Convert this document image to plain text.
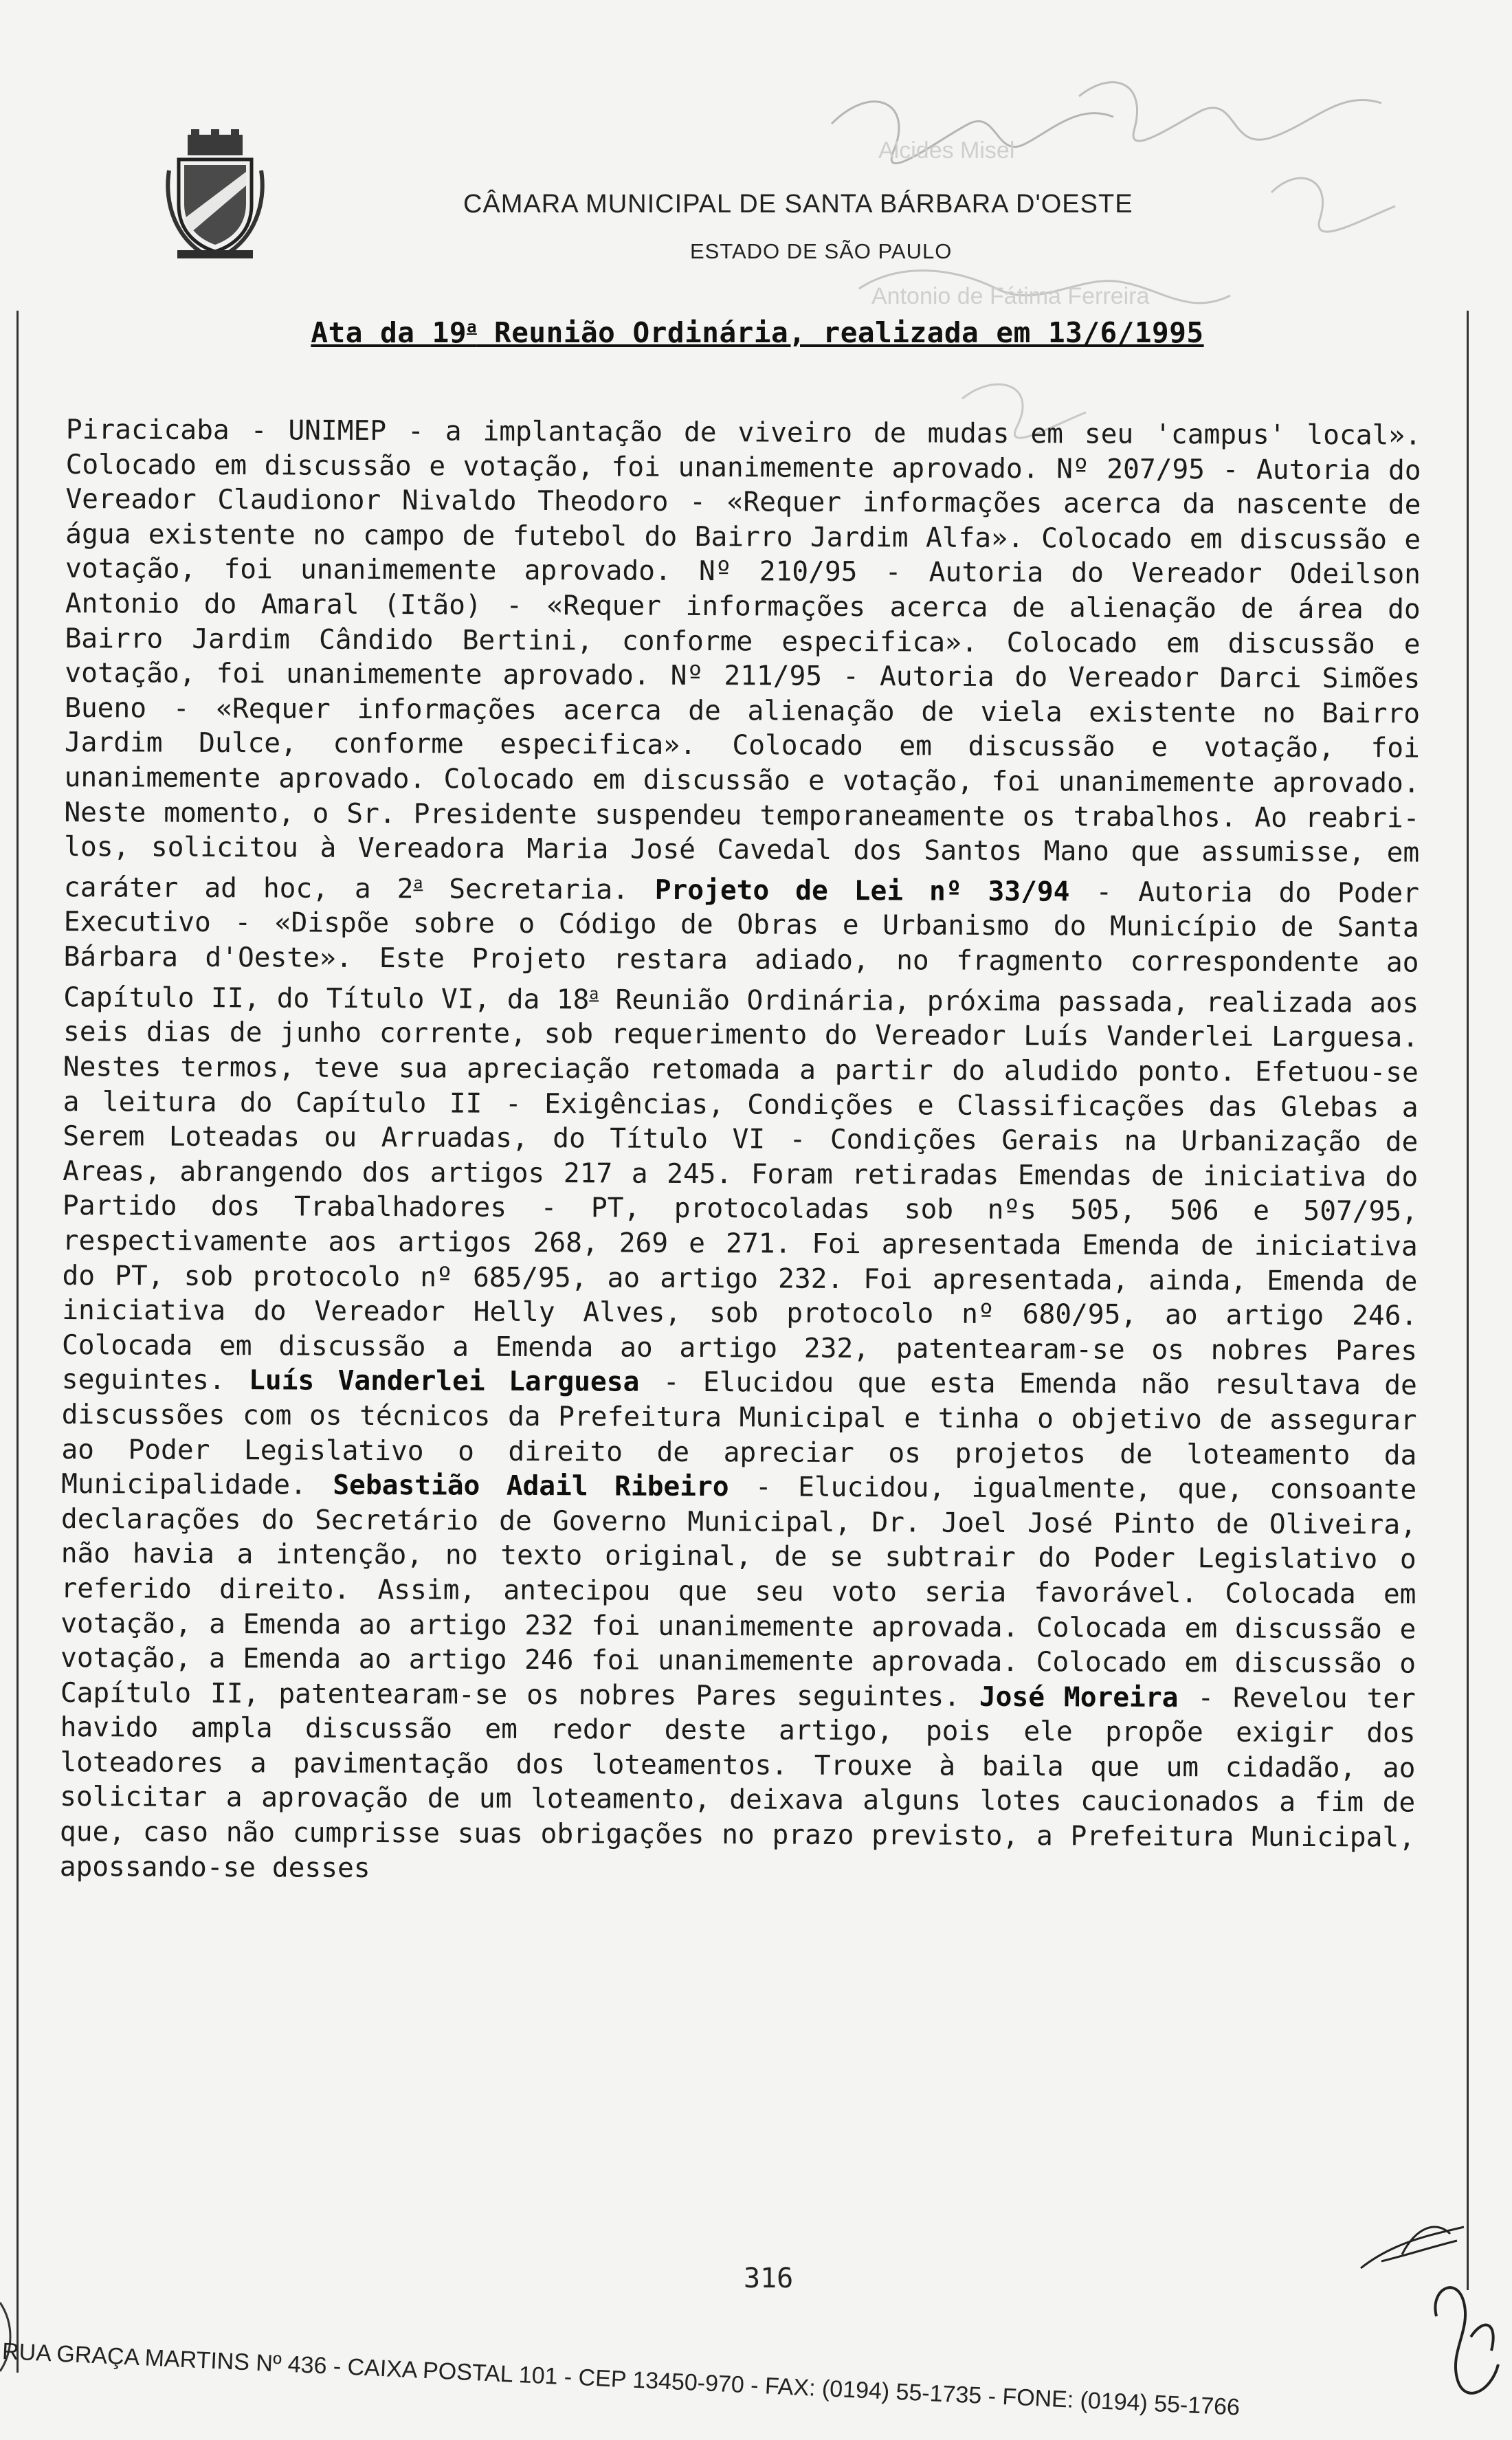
Alcides Misel
Antonio de Fátima Ferreira
CÂMARA MUNICIPAL DE SANTA BÁRBARA D'OESTE
ESTADO DE SÃO PAULO
Ata da 19$^a$ Reunião Ordinária, realizada em 13/6/1995

Piracicaba - UNIMEP - a implantação de viveiro de mudas em seu 'campus' local». Colocado em discussão e votação, foi unanimemente aprovado. Nº 207/95 - Autoria do Vereador Claudionor Nivaldo Theodoro - «Requer informações acerca da nascente de água existente no campo de futebol do Bairro Jardim Alfa». Colocado em discussão e votação, foi unanimemente aprovado. Nº 210/95 - Autoria do Vereador Odeilson Antonio do Amaral (Itão) - «Requer informações acerca de alienação de área do Bairro Jardim Cândido Bertini, conforme especifica». Colocado em discussão e votação, foi unanimemente aprovado. Nº 211/95 - Autoria do Vereador Darci Simões Bueno - «Requer informações acerca de alienação de viela existente no Bairro Jardim Dulce, conforme especifica». Colocado em discussão e votação, foi unanimemente aprovado. Colocado em discussão e votação, foi unanimemente aprovado. Neste momento, o Sr. Presidente suspendeu temporaneamente os trabalhos. Ao reabri-los, solicitou à Vereadora Maria José Cavedal dos Santos Mano que assumisse, em caráter ad hoc, a 2$^a$ Secretaria. Projeto de Lei nº 33/94 - Autoria do Poder Executivo - «Dispõe sobre o Código de Obras e Urbanismo do Município de Santa Bárbara d'Oeste». Este Projeto restara adiado, no fragmento correspondente ao Capítulo II, do Título VI, da 18$^a$ Reunião Ordinária, próxima passada, realizada aos seis dias de junho corrente, sob requerimento do Vereador Luís Vanderlei Larguesa. Nestes termos, teve sua apreciação retomada a partir do aludido ponto. Efetuou-se a leitura do Capítulo II - Exigências, Condições e Classificações das Glebas a Serem Loteadas ou Arruadas, do Título VI - Condições Gerais na Urbanização de Areas, abrangendo dos artigos 217 a 245. Foram retiradas Emendas de iniciativa do Partido dos Trabalhadores - PT, protocoladas sob nºs 505, 506 e 507/95, respectivamente aos artigos 268, 269 e 271. Foi apresentada Emenda de iniciativa do PT, sob protocolo nº 685/95, ao artigo 232. Foi apresentada, ainda, Emenda de iniciativa do Vereador Helly Alves, sob protocolo nº 680/95, ao artigo 246. Colocada em discussão a Emenda ao artigo 232, patentearam-se os nobres Pares seguintes. Luís Vanderlei Larguesa - Elucidou que esta Emenda não resultava de discussões com os técnicos da Prefeitura Municipal e tinha o objetivo de assegurar ao Poder Legislativo o direito de apreciar os projetos de loteamento da Municipalidade. Sebastião Adail Ribeiro - Elucidou, igualmente, que, consoante declarações do Secretário de Governo Municipal, Dr. Joel José Pinto de Oliveira, não havia a intenção, no texto original, de se subtrair do Poder Legislativo o referido direito. Assim, antecipou que seu voto seria favorável. Colocada em votação, a Emenda ao artigo 232 foi unanimemente aprovada. Colocada em discussão e votação, a Emenda ao artigo 246 foi unanimemente aprovada. Colocado em discussão o Capítulo II, patentearam-se os nobres Pares seguintes. José Moreira - Revelou ter havido ampla discussão em redor deste artigo, pois ele propõe exigir dos loteadores a pavimentação dos loteamentos. Trouxe à baila que um cidadão, ao solicitar a aprovação de um loteamento, deixava alguns lotes caucionados a fim de que, caso não cumprisse suas obrigações no prazo previsto, a Prefeitura Municipal, apossando-se desses

316
RUA GRAÇA MARTINS Nº 436 - CAIXA POSTAL 101 - CEP 13450-970 - FAX: (0194) 55-1735 - FONE: (0194) 55-1766
